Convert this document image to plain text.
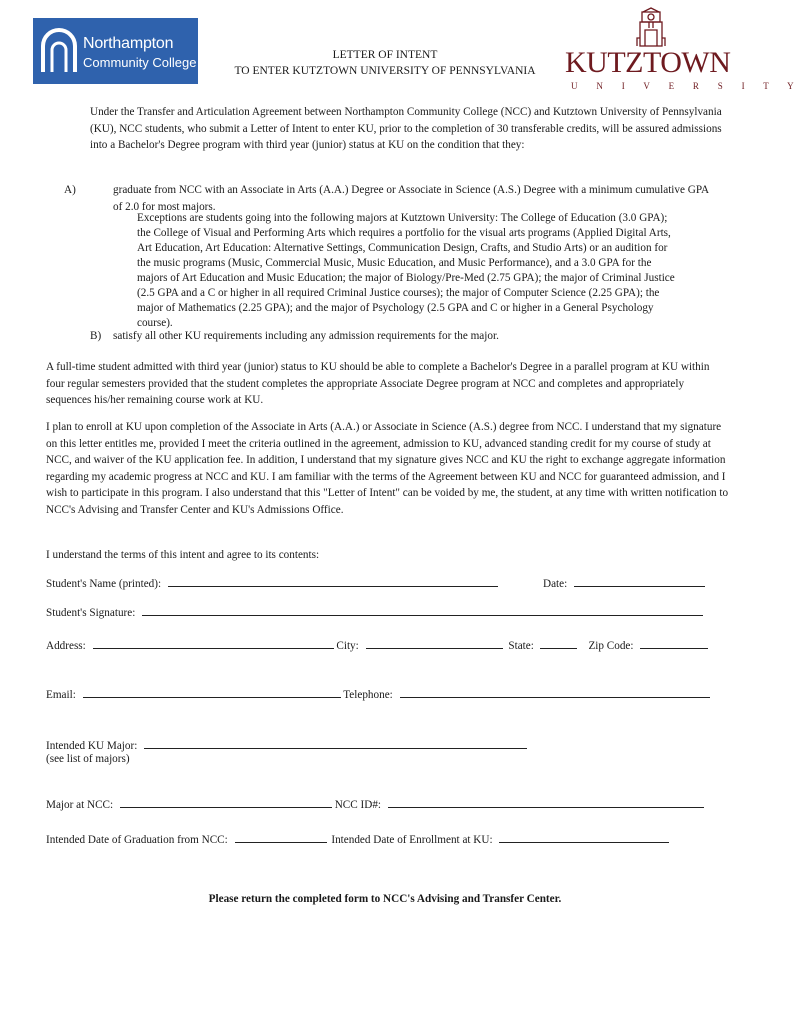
Northampton
Community College	LETTER OF INTENT
TO ENTER KUTZTOWN UNIVERSITY OF PENNSYLVANIA KUTZTOWN
U N I V E R S I T Y

Under the Transfer and Articulation Agreement between Northampton Community College (NCC) and Kutztown University of Pennsylvania (KU), NCC students, who submit a Letter of Intent to enter KU, prior to the completion of 30 transferable credits, will be assured admissions into a Bachelor's Degree program with third year (junior) status at KU on the condition that they:

A)	graduate from NCC with an Associate in Arts (A.A.) Degree or Associate in Science (A.S.) Degree with a minimum cumulative GPA of 2.0 for most majors.

Exceptions are students going into the following majors at Kutztown University: The College of Education (3.0 GPA); the College of Visual and Performing Arts which requires a portfolio for the visual arts programs (Applied Digital Arts, Art Education, Art Education: Alternative Settings, Communication Design, Crafts, and Studio Arts) or an audition for the music programs (Music, Commercial Music, Music Education, and Music Performance), and a 3.0 GPA for the majors of Art Education and Music Education; the major of Biology/Pre-Med (2.75 GPA); the major of Criminal Justice (2.5 GPA and a C or higher in all required Criminal Justice courses); the major of Computer Science (2.25 GPA); the major of Mathematics (2.25 GPA); and the major of Psychology (2.5 GPA and C or higher in a General Psychology course).

B) satisfy all other KU requirements including any admission requirements for the major.

A full-time student admitted with third year (junior) status to KU should be able to complete a Bachelor's Degree in a parallel program at KU within four regular semesters provided that the student completes the appropriate Associate Degree program at NCC and completes and appropriately sequences his/her remaining course work at KU.

I plan to enroll at KU upon completion of the Associate in Arts (A.A.) or Associate in Science (A.S.) degree from NCC. I understand that my signature on this letter entitles me, provided I meet the criteria outlined in the agreement, admission to KU, advanced standing credit for my course of study at NCC, and waiver of the KU application fee. In addition, I understand that my signature gives NCC and KU the right to exchange aggregate information regarding my academic progress at NCC and KU. I am familiar with the terms of the Agreement between KU and NCC for guaranteed admission, and I wish to participate in this program. I also understand that this "Letter of Intent" can be voided by me, the student, at any time with written notification to NCC's Advising and Transfer Center and KU's Admissions Office.

I understand the terms of this intent and agree to its contents:
Student's Name (printed):	Date:
Student's Signature:
Address:	City:	State:	Zip Code:
Email:	Telephone:
Intended KU Major:
(see list of majors)
Major at NCC:	NCC ID#:
Intended Date of Graduation from NCC:	Intended Date of Enrollment at KU:
Please return the completed form to NCC's Advising and Transfer Center.
